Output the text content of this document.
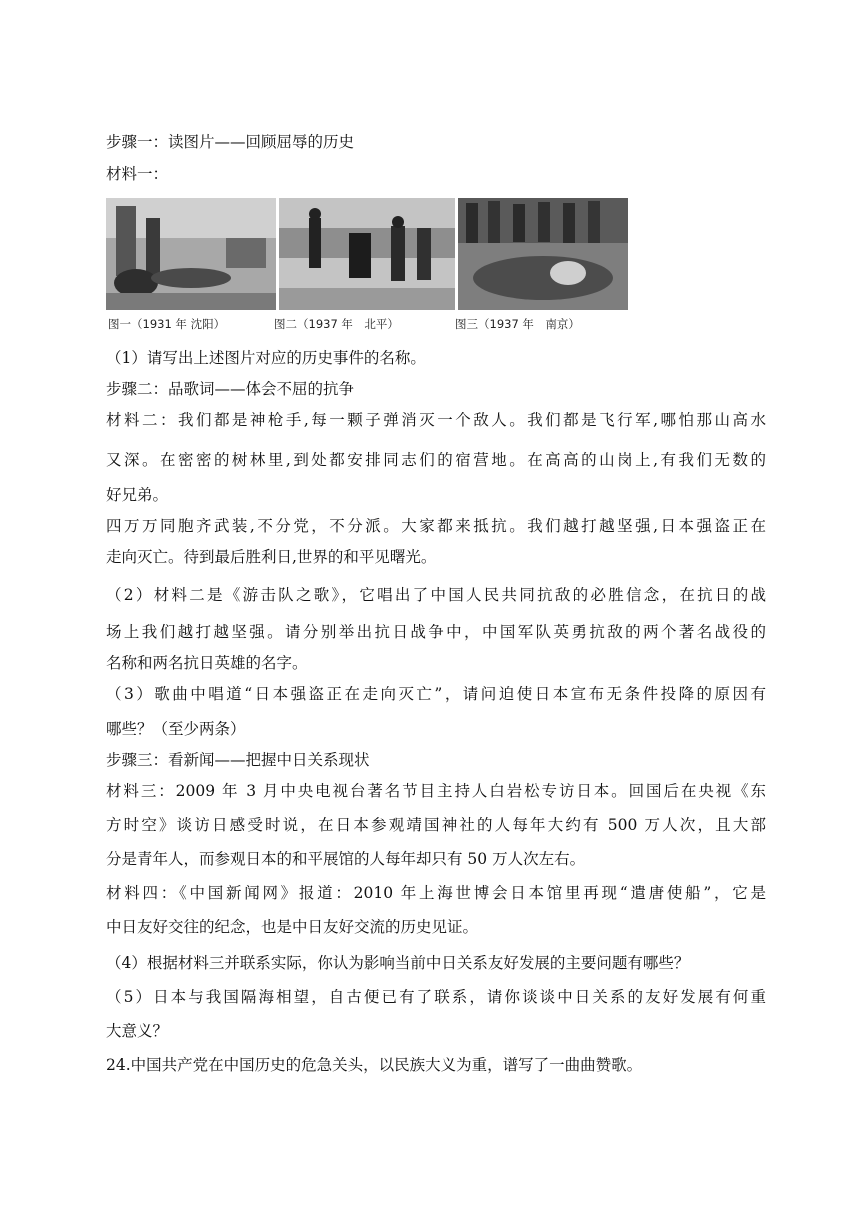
步骤一：读图片——回顾屈辱的历史
材料一：
图一（1931 年 沈阳）	图二（1937 年　北平）	图三（1937 年　南京）
（1）请写出上述图片对应的历史事件的名称。
步骤二：品歌词——体会不屈的抗争
材料二：我们都是神枪手,每一颗子弹消灭一个敌人。我们都是飞行军,哪怕那山高水
又深。在密密的树林里,到处都安排同志们的宿营地。在高高的山岗上,有我们无数的
好兄弟。
四万万同胞齐武装,不分党，不分派。大家都来抵抗。我们越打越坚强,日本强盗正在
走向灭亡。待到最后胜利日,世界的和平见曙光。
（2）材料二是《游击队之歌》，它唱出了中国人民共同抗敌的必胜信念，在抗日的战
场上我们越打越坚强。请分别举出抗日战争中，中国军队英勇抗敌的两个著名战役的
名称和两名抗日英雄的名字。
（3）歌曲中唱道“日本强盗正在走向灭亡”，请问迫使日本宣布无条件投降的原因有
哪些？（至少两条）
步骤三：看新闻——把握中日关系现状
材料三：2009 年 3 月中央电视台著名节目主持人白岩松专访日本。回国后在央视《东
方时空》谈访日感受时说，在日本参观靖国神社的人每年大约有 500 万人次，且大部
分是青年人，而参观日本的和平展馆的人每年却只有 50 万人次左右。
材料四：《中国新闻网》报道：2010 年上海世博会日本馆里再现“遣唐使船”，它是
中日友好交往的纪念，也是中日友好交流的历史见证。
（4）根据材料三并联系实际，你认为影响当前中日关系友好发展的主要问题有哪些？
（5）日本与我国隔海相望，自古便已有了联系，请你谈谈中日关系的友好发展有何重
大意义？
24.中国共产党在中国历史的危急关头，以民族大义为重，谱写了一曲曲赞歌。
